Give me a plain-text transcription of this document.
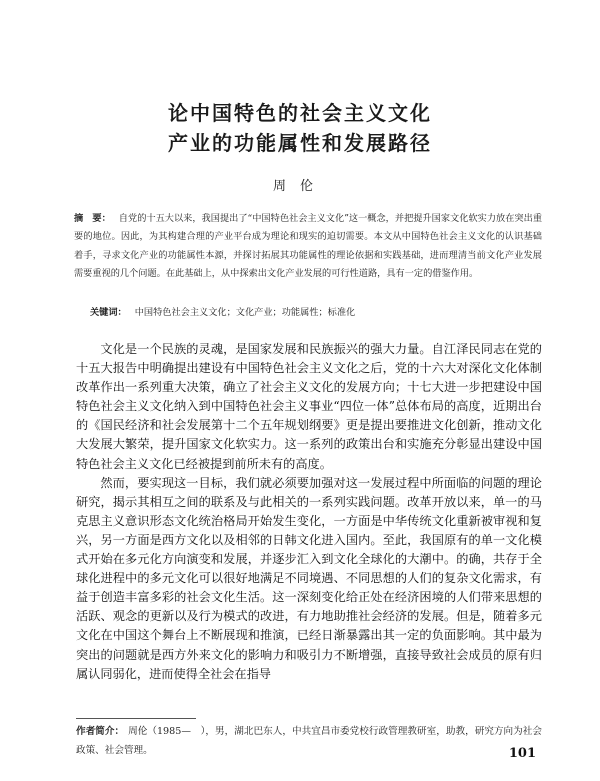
论中国特色的社会主义文化
产业的功能属性和发展路径
周伦
摘　要： 自党的十五大以来，我国提出了“中国特色社会主义文化”这一概念，并把提升国家文化软实力放在突出重要的地位。因此，为其构建合理的产业平台成为理论和现实的迫切需要。本文从中国特色社会主义文化的认识基础着手，寻求文化产业的功能属性本源，并探讨拓展其功能属性的理论依据和实践基础，进而理清当前文化产业发展需要重视的几个问题。在此基础上，从中探索出文化产业发展的可行性道路，具有一定的借鉴作用。
关键词： 中国特色社会主义文化；文化产业；功能属性；标准化

文化是一个民族的灵魂，是国家发展和民族振兴的强大力量。自江泽民同志在党的十五大报告中明确提出建设有中国特色社会主义文化之后，党的十六大对深化文化体制改革作出一系列重大决策，确立了社会主义文化的发展方向；十七大进一步把建设中国特色社会主义文化纳入到中国特色社会主义事业“四位一体”总体布局的高度，近期出台的《国民经济和社会发展第十二个五年规划纲要》更是提出要推进文化创新，推动文化大发展大繁荣，提升国家文化软实力。这一系列的政策出台和实施充分彰显出建设中国特色社会主义文化已经被提到前所未有的高度。

然而，要实现这一目标，我们就必须要加强对这一发展过程中所面临的问题的理论研究，揭示其相互之间的联系及与此相关的一系列实践问题。改革开放以来，单一的马克思主义意识形态文化统治格局开始发生变化，一方面是中华传统文化重新被审视和复兴，另一方面是西方文化以及相邻的日韩文化进入国内。至此，我国原有的单一文化模式开始在多元化方向演变和发展，并逐步汇入到文化全球化的大潮中。的确，共存于全球化进程中的多元文化可以很好地满足不同境遇、不同思想的人们的复杂文化需求，有益于创造丰富多彩的社会文化生活。这一深刻变化给正处在经济困境的人们带来思想的活跃、观念的更新以及行为模式的改进，有力地助推社会经济的发展。但是，随着多元文化在中国这个舞台上不断展现和推演，已经日渐暴露出其一定的负面影响。其中最为突出的问题就是西方外来文化的影响力和吸引力不断增强，直接导致社会成员的原有归属认同弱化，进而使得全社会在指导

作者简介： 周伦（1985—　），男，湖北巴东人，中共宜昌市委党校行政管理教研室，助教，研究方向为社会政策、社会管理。	101
